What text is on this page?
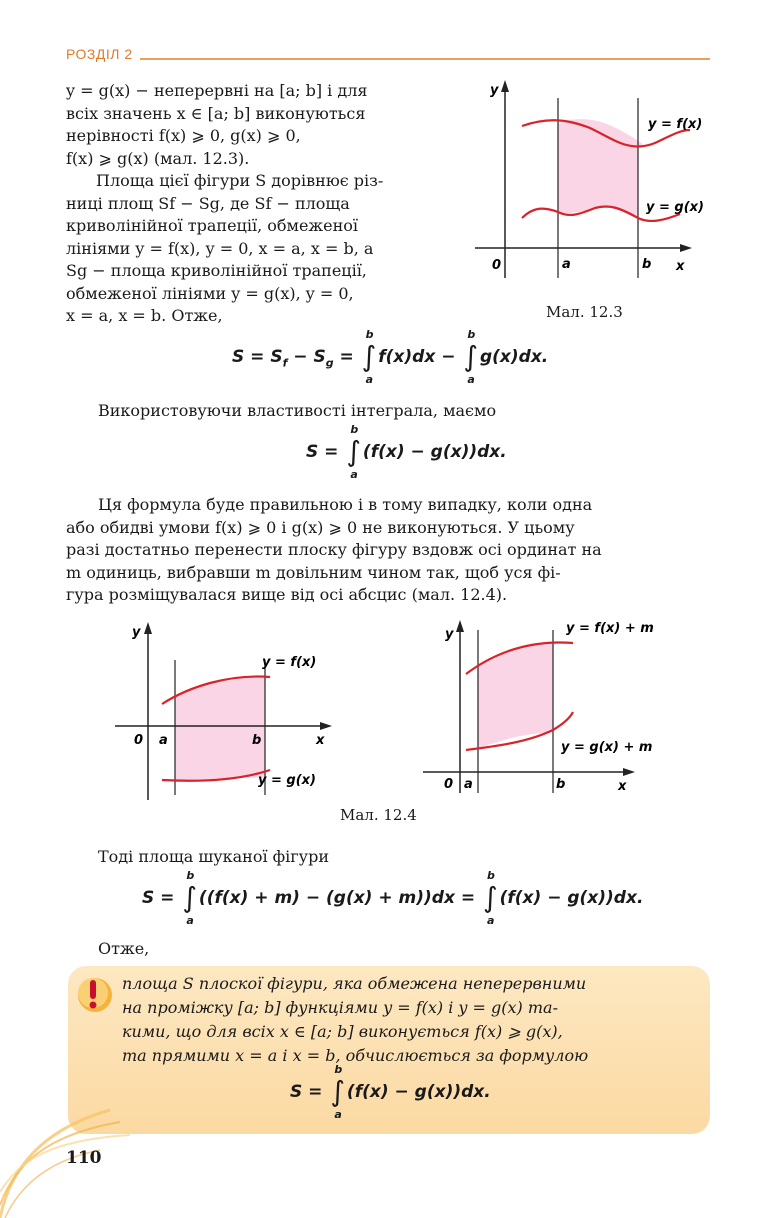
РОЗДІЛ 2
y = g(x) − неперервні на [a; b] і для
всіх значень x ∈ [a; b] виконуються
нерівності f(x) ⩾ 0, g(x) ⩾ 0,
f(x) ⩾ g(x) (мал. 12.3).
Площа цієї фігури S дорівнює різ-
ниці площ Sf − Sg, де Sf − площа
криволінійної трапеції, обмеженої
лініями y = f(x), y = 0, x = a, x = b, а
Sg − площа криволінійної трапеції,
обмеженої лініями y = g(x), y = 0,
x = a, x = b. Отже,
y = f(x)
y = g(x)
y
x
0	a	b
Мал. 12.3
$S = S_f - S_g$ = ∫
b
a
f(x)dx − ∫
b
a
g(x)dx.
Використовуючи властивості інтеграла, маємо
S = ∫
b
a
(f(x) − g(x))dx.
Ця формула буде правильною і в тому випадку, коли одна
або обидві умови f(x) ⩾ 0 і g(x) ⩾ 0 не виконуються. У цьому
разі достатньо перенести плоску фігуру вздовж осі ординат на
m одиниць, вибравши m довільним чином так, щоб уся фі-
гура розміщувалася вище від осі абсцис (мал. 12.4).
y = f(x)
y = g(x)
y
x
0 a	b
y = f(x) + m
y = g(x) + m
y
x
0 a	b
Мал. 12.4
Тоді площа шуканої фігури
S = ∫
b
a
((f(x) + m) − (g(x) + m))dx = ∫
b
a
(f(x) − g(x))dx.
Отже,
площа S плоскої фігури, яка обмежена неперервними
на проміжку [a; b] функціями y = f(x) і y = g(x) та-
кими, що для всіх x ∈ [a; b] виконується f(x) ⩾ g(x),
та прямими x = a і x = b, обчислюється за формулою
S = ∫
b
a
(f(x) − g(x))dx.
110
